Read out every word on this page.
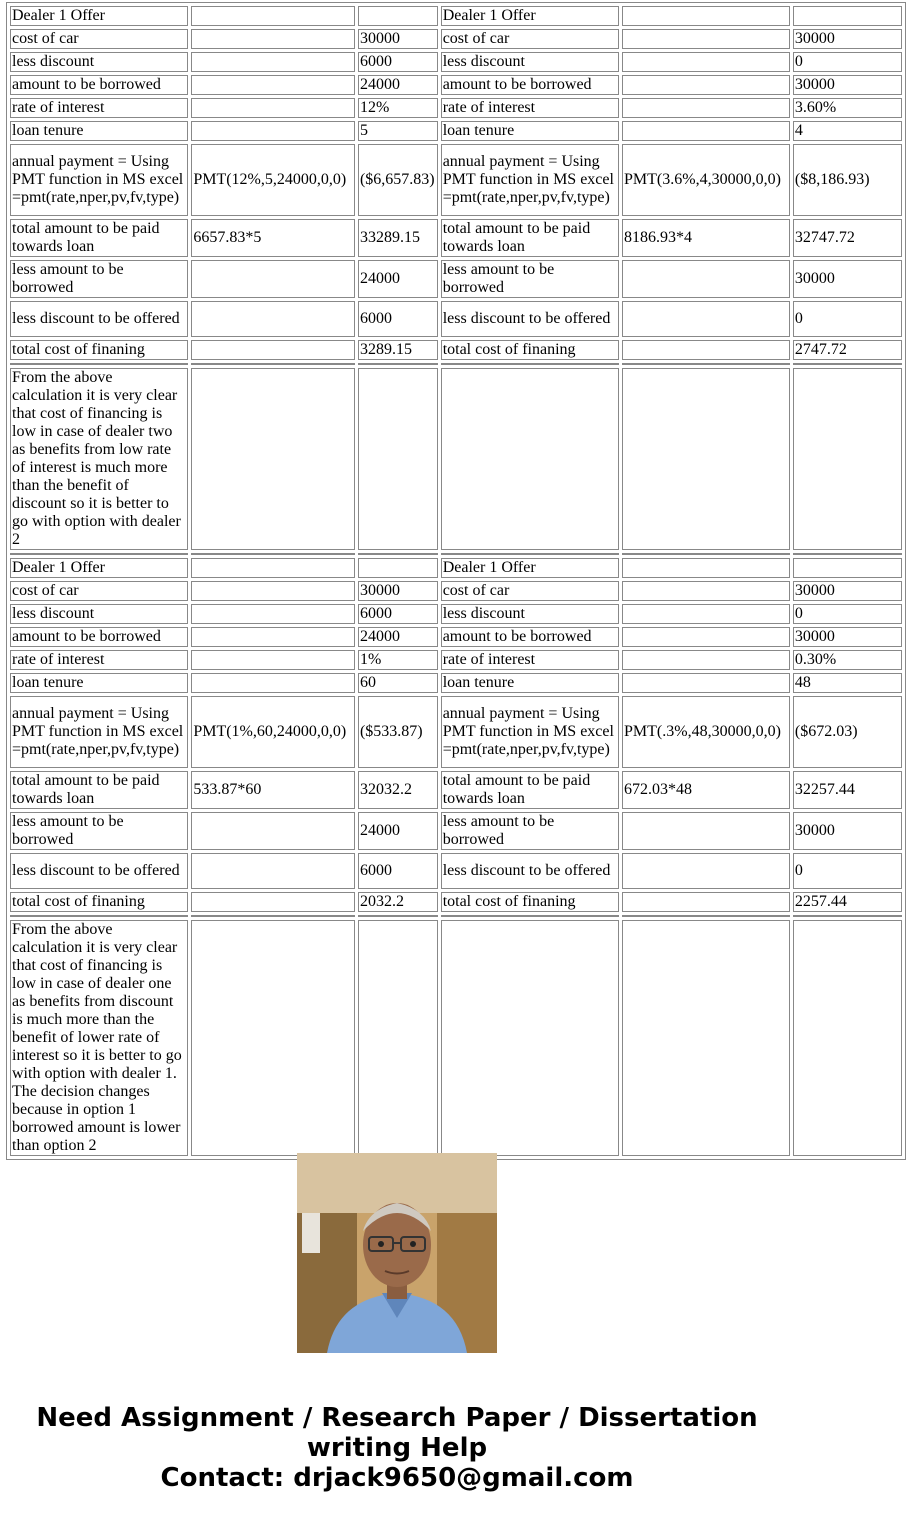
Dealer 1 Offer			Dealer 1 Offer		
cost of car		30000	cost of car		30000
less discount		6000	less discount		0
amount to be borrowed		24000	amount to be borrowed		30000
rate of interest		12%	rate of interest		3.60%
loan tenure		5	loan tenure		4
annual payment = Using PMT function in MS excel =pmt(rate,nper,pv,fv,type)	PMT(12%,5,24000,0,0)	($6,657.83)	annual payment = Using PMT function in MS excel =pmt(rate,nper,pv,fv,type)	PMT(3.6%,4,30000,0,0)	($8,186.93)
total amount to be paid towards loan	6657.83*5	33289.15	total amount to be paid towards loan	8186.93*4	32747.72
less amount to be borrowed		24000	less amount to be borrowed		30000
less discount to be offered		6000	less discount to be offered		0
total cost of finaning		3289.15	total cost of finaning		2747.72

From the above calculation it is very clear that cost of financing is low in case of dealer two as benefits from low rate of interest is much more than the benefit of discount so it is better to go with option with dealer 2					

Dealer 1 Offer			Dealer 1 Offer		
cost of car		30000	cost of car		30000
less discount		6000	less discount		0
amount to be borrowed		24000	amount to be borrowed		30000
rate of interest		1%	rate of interest		0.30%
loan tenure		60	loan tenure		48
annual payment = Using PMT function in MS excel =pmt(rate,nper,pv,fv,type)	PMT(1%,60,24000,0,0)	($533.87)	annual payment = Using PMT function in MS excel =pmt(rate,nper,pv,fv,type)	PMT(.3%,48,30000,0,0)	($672.03)
total amount to be paid towards loan	533.87*60	32032.2	total amount to be paid towards loan	672.03*48	32257.44
less amount to be borrowed		24000	less amount to be borrowed		30000
less discount to be offered		6000	less discount to be offered		0
total cost of finaning		2032.2	total cost of finaning		2257.44

From the above calculation it is very clear that cost of financing is low in case of dealer one as benefits from discount is much more than the benefit of lower rate of interest so it is better to go with option with dealer 1. The decision changes because in option 1 borrowed amount is lower than option 2					
Need Assignment / Research Paper / Dissertation
writing Help
Contact: drjack9650@gmail.com
